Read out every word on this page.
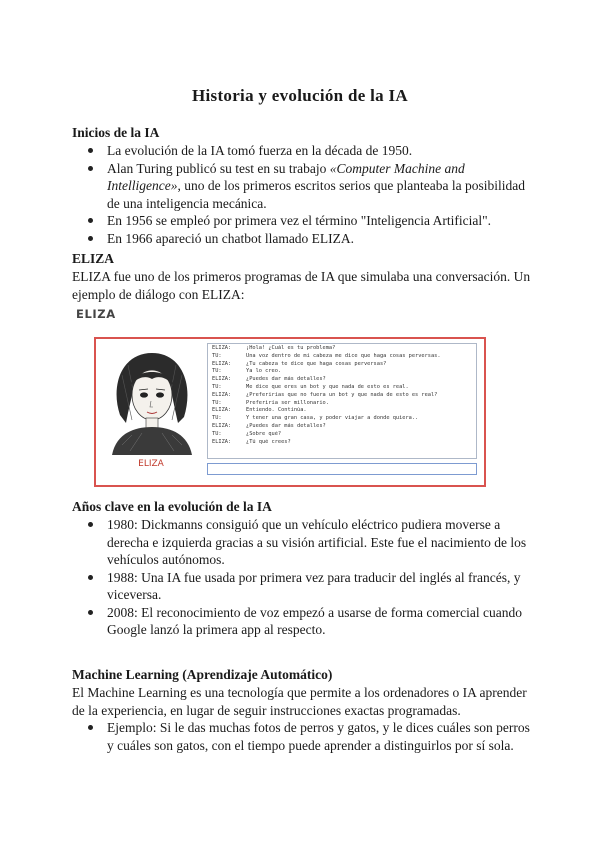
Historia y evolución de la IA
Inicios de la IA
La evolución de la IA tomó fuerza en la década de 1950.
Alan Turing publicó su test en su trabajo «Computer Machine and Intelligence», uno de los primeros escritos serios que planteaba la posibilidad de una inteligencia mecánica.
En 1956 se empleó por primera vez el término "Inteligencia Artificial".
En 1966 apareció un chatbot llamado ELIZA.
ELIZA

ELIZA fue uno de los primeros programas de IA que simulaba una conversación. Un ejemplo de diálogo con ELIZA:

ELIZA
ELIZA
ELIZA:	¡Hola! ¿Cuál es tu problema?
TÚ:	Una voz dentro de mi cabeza me dice que haga cosas perversas.
ELIZA:	¿Tu cabeza te dice que haga cosas perversas?
TÚ:	Ya lo creo.
ELIZA:	¿Puedes dar más detalles?
TÚ:	Me dice que eres un bot y que nada de esto es real.
ELIZA:	¿Preferirías que no fuera un bot y que nada de esto es real?
TÚ:	Preferiría ser millonario.
ELIZA:	Entiendo. Continúa.
TÚ:	Y tener una gran casa, y poder viajar a donde quiera..
ELIZA:	¿Puedes dar más detalles?
TÚ:	¿Sobre qué?
ELIZA:	¿Tú qué crees?
Años clave en la evolución de la IA
1980: Dickmanns consiguió que un vehículo eléctrico pudiera moverse a derecha e izquierda gracias a su visión artificial. Este fue el nacimiento de los vehículos autónomos.
1988: Una IA fue usada por primera vez para traducir del inglés al francés, y viceversa.
2008: El reconocimiento de voz empezó a usarse de forma comercial cuando Google lanzó la primera app al respecto.
Machine Learning (Aprendizaje Automático)

El Machine Learning es una tecnología que permite a los ordenadores o IA aprender de la experiencia, en lugar de seguir instrucciones exactas programadas.

Ejemplo: Si le das muchas fotos de perros y gatos, y le dices cuáles son perros y cuáles son gatos, con el tiempo puede aprender a distinguirlos por sí sola.
